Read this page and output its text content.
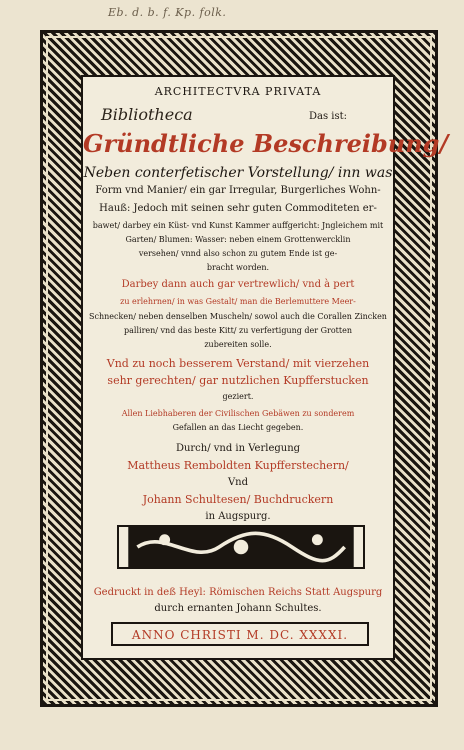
Eb. d. b. f. Kp. folk.
ARCHITECTVRA PRIVATA
Bibliotheca	Das ist:
Gründtliche Beschreibung/
Neben conterfetischer Vorstellung/ inn was
Form vnd Manier/ ein gar Irregular, Burgerliches Wohn-
Hauß: Jedoch mit seinen sehr guten Commoditeten er-
bawet/ darbey ein Küst- vnd Kunst Kammer auffgericht: Jngleichem mit
Garten/ Blumen: Wasser: neben einem Grottenwercklin
versehen/ vnnd also schon zu gutem Ende ist ge-
bracht worden.
Darbey dann auch gar vertrewlich/ vnd à pert
zu erlehrnen/ in was Gestalt/ man die Berlemuttere Meer-
Schnecken/ neben denselben Muscheln/ sowol auch die Corallen Zincken
palliren/ vnd das beste Kitt/ zu verfertigung der Grotten
zubereiten solle.
Vnd zu noch besserem Verstand/ mit vierzehen
sehr gerechten/ gar nutzlichen Kupfferstucken
geziert.
Allen Liebhaberen der Civilischen Gebäwen zu sonderem
Gefallen an das Liecht gegeben.
Durch/ vnd in Verlegung
Mattheus Remboldten Kupfferstechern/
Vnd
Johann Schultesen/ Buchdruckern
in Augspurg.
Gedruckt in deß Heyl: Römischen Reichs Statt Augspurg
durch ernanten Johann Schultes.
ANNO CHRISTI M. DC. XXXXI.
